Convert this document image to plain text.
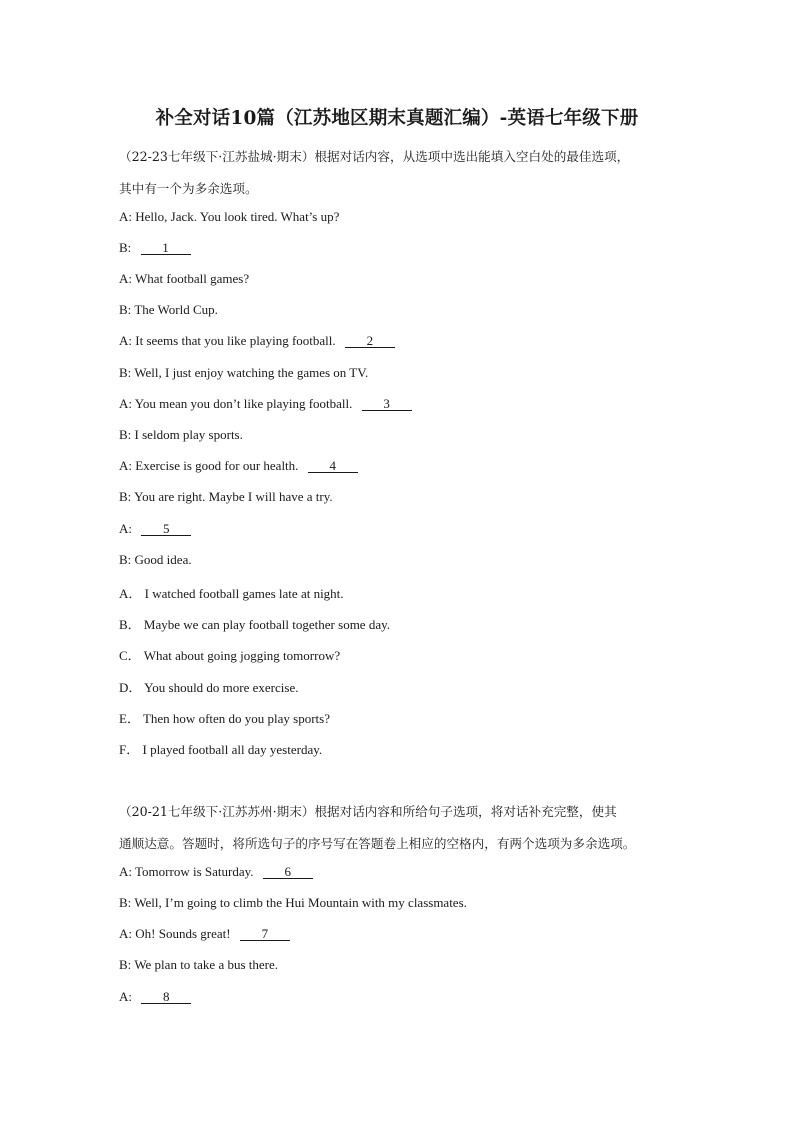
补全对话10篇（江苏地区期末真题汇编）-英语七年级下册
（22-23七年级下·江苏盐城·期末）根据对话内容，从选项中选出能填入空白处的最佳选项，
其中有一个为多余选项。
A: Hello, Jack. You look tired. What’s up?
B: 1
A: What football games?
B: The World Cup.
A: It seems that you like playing football. 2
B: Well, I just enjoy watching the games on TV.
A: You mean you don’t like playing football. 3
B: I seldom play sports.
A: Exercise is good for our health. 4
B: You are right. Maybe I will have a try.
A: 5
B: Good idea.
A． I watched football games late at night.
B． Maybe we can play football together some day.
C． What about going jogging tomorrow?
D． You should do more exercise.
E． Then how often do you play sports?
F． I played football all day yesterday.
（20-21七年级下·江苏苏州·期末）根据对话内容和所给句子选项，将对话补充完整，使其
通顺达意。答题时，将所选句子的序号写在答题卷上相应的空格内，有两个选项为多余选项。
A: Tomorrow is Saturday. 6
B: Well, I’m going to climb the Hui Mountain with my classmates.
A: Oh! Sounds great! 7
B: We plan to take a bus there.
A: 8
